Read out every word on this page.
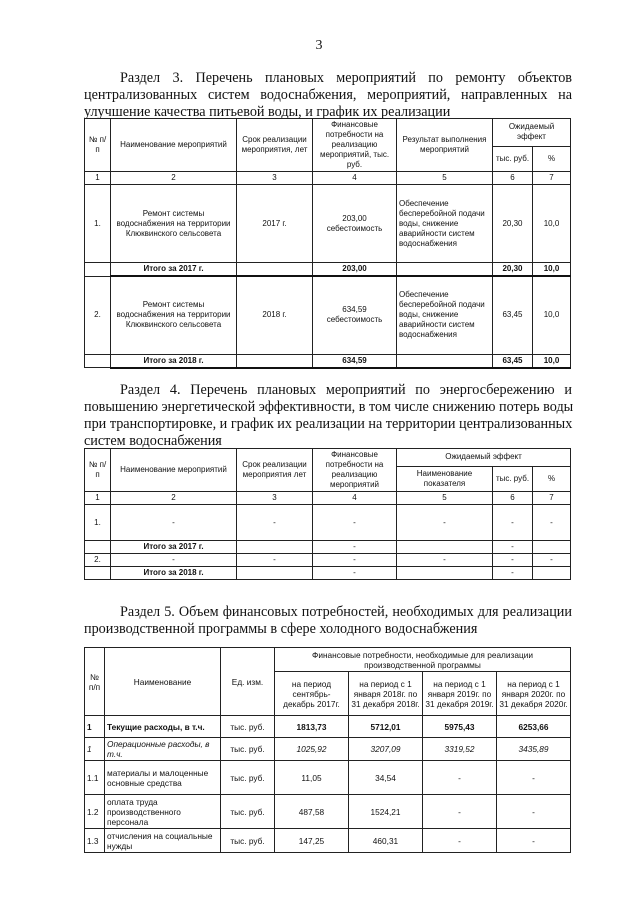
3

Раздел 3. Перечень плановых мероприятий по ремонту объектов
централизованных систем водоснабжения, мероприятий, направленных на
улучшение качества питьевой воды, и график их реализации

№ п/п	Наименование мероприятий	Срок реализации мероприятия, лет	Финансовые потребности на реализацию мероприятий, тыс. руб.	Результат выполнения мероприятий	Ожидаемый эффект	
					тыс. руб.	%
1	2	3	4	5	6	7
1.	Ремонт системы водоснабжения на территории Клюквинского сельсовета	2017 г.	203,00 себестоимость	Обеспечение бесперебойной подачи воды, снижение аварийности систем водоснабжения	20,30	10,0
	Итого за 2017 г.		203,00		20,30	10,0
2.	Ремонт системы водоснабжения на территории Клюквинского сельсовета	2018 г.	634,59 себестоимость	Обеспечение бесперебойной подачи воды, снижение аварийности систем водоснабжения	63,45	10,0
	Итого за 2018 г.		634,59		63,45	10,0

Раздел 4. Перечень плановых мероприятий по энергосбережению и
повышению энергетической эффективности, в том числе снижению потерь воды
при транспортировке, и график их реализации на территории централизованных
систем водоснабжения

№ п/п	Наименование мероприятий	Срок реализации мероприятия лет	Финансовые потребности на реализацию мероприятий	Ожидаемый эффект		
				Наименование показателя	тыс. руб.	%
1	2	3	4	5	6	7
1.	-	-	-	-	-	-
	Итого за 2017 г.		-		-	
2.	-	-	-	-	-	-
	Итого за 2018 г.		-		-	

Раздел 5. Объем финансовых потребностей, необходимых для реализации
производственной программы в сфере холодного водоснабжения

№ п/п	Наименование	Ед. изм.	Финансовые потребности, необходимые для реализации производственной программы			
			на период сентябрь-декабрь 2017г.	на период с 1 января 2018г. по 31 декабря 2018г.	на период с 1 января 2019г. по 31 декабря 2019г.	на период с 1 января 2020г. по 31 декабря 2020г.
1	Текущие расходы, в т.ч.	тыс. руб.	1813,73	5712,01	5975,43	6253,66
1	Операционные расходы, в т.ч.	тыс. руб.	1025,92	3207,09	3319,52	3435,89
1.1	материалы и малоценные основные средства	тыс. руб.	11,05	34,54	-	-
1.2	оплата труда производственного персонала	тыс. руб.	487,58	1524,21	-	-
1.3	отчисления на социальные нужды	тыс. руб.	147,25	460,31	-	-
